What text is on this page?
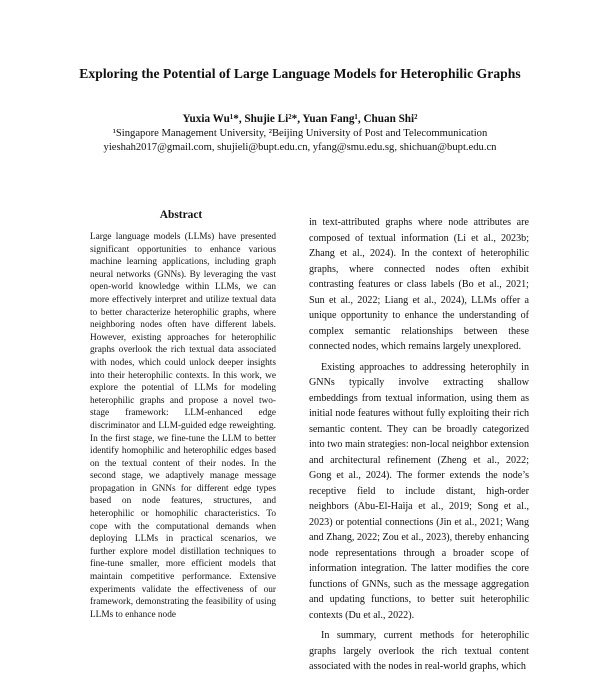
Exploring the Potential of Large Language Models for Heterophilic Graphs
Yuxia Wu¹*, Shujie Li²*, Yuan Fang¹, Chuan Shi²
¹Singapore Management University, ²Beijing University of Post and Telecommunication
yieshah2017@gmail.com, shujieli@bupt.edu.cn, yfang@smu.edu.sg, shichuan@bupt.edu.cn
Abstract
Large language models (LLMs) have presented significant opportunities to enhance various machine learning applications, including graph neural networks (GNNs). By leveraging the vast open-world knowledge within LLMs, we can more effectively interpret and utilize textual data to better characterize heterophilic graphs, where neighboring nodes often have different labels. However, existing approaches for heterophilic graphs overlook the rich textual data associated with nodes, which could unlock deeper insights into their heterophilic contexts. In this work, we explore the potential of LLMs for modeling heterophilic graphs and propose a novel two-stage framework: LLM-enhanced edge discriminator and LLM-guided edge reweighting. In the first stage, we fine-tune the LLM to better identify homophilic and heterophilic edges based on the textual content of their nodes. In the second stage, we adaptively manage message propagation in GNNs for different edge types based on node features, structures, and heterophilic or homophilic characteristics. To cope with the computational demands when deploying LLMs in practical scenarios, we further explore model distillation techniques to fine-tune smaller, more efficient models that maintain competitive performance. Extensive experiments validate the effectiveness of our framework, demonstrating the feasibility of using LLMs to enhance node

in text-attributed graphs where node attributes are composed of textual information (Li et al., 2023b; Zhang et al., 2024). In the context of heterophilic graphs, where connected nodes often exhibit contrasting features or class labels (Bo et al., 2021; Sun et al., 2022; Liang et al., 2024), LLMs offer a unique opportunity to enhance the understanding of complex semantic relationships between these connected nodes, which remains largely unexplored.

Existing approaches to addressing heterophily in GNNs typically involve extracting shallow embeddings from textual information, using them as initial node features without fully exploiting their rich semantic content. They can be broadly categorized into two main strategies: non-local neighbor extension and architectural refinement (Zheng et al., 2022; Gong et al., 2024). The former extends the node’s receptive field to include distant, high-order neighbors (Abu-El-Haija et al., 2019; Song et al., 2023) or potential connections (Jin et al., 2021; Wang and Zhang, 2022; Zou et al., 2023), thereby enhancing node representations through a broader scope of information integration. The latter modifies the core functions of GNNs, such as the message aggregation and updating functions, to better suit heterophilic contexts (Du et al., 2022).

In summary, current methods for heterophilic graphs largely overlook the rich textual content associated with the nodes in real-world graphs, which
